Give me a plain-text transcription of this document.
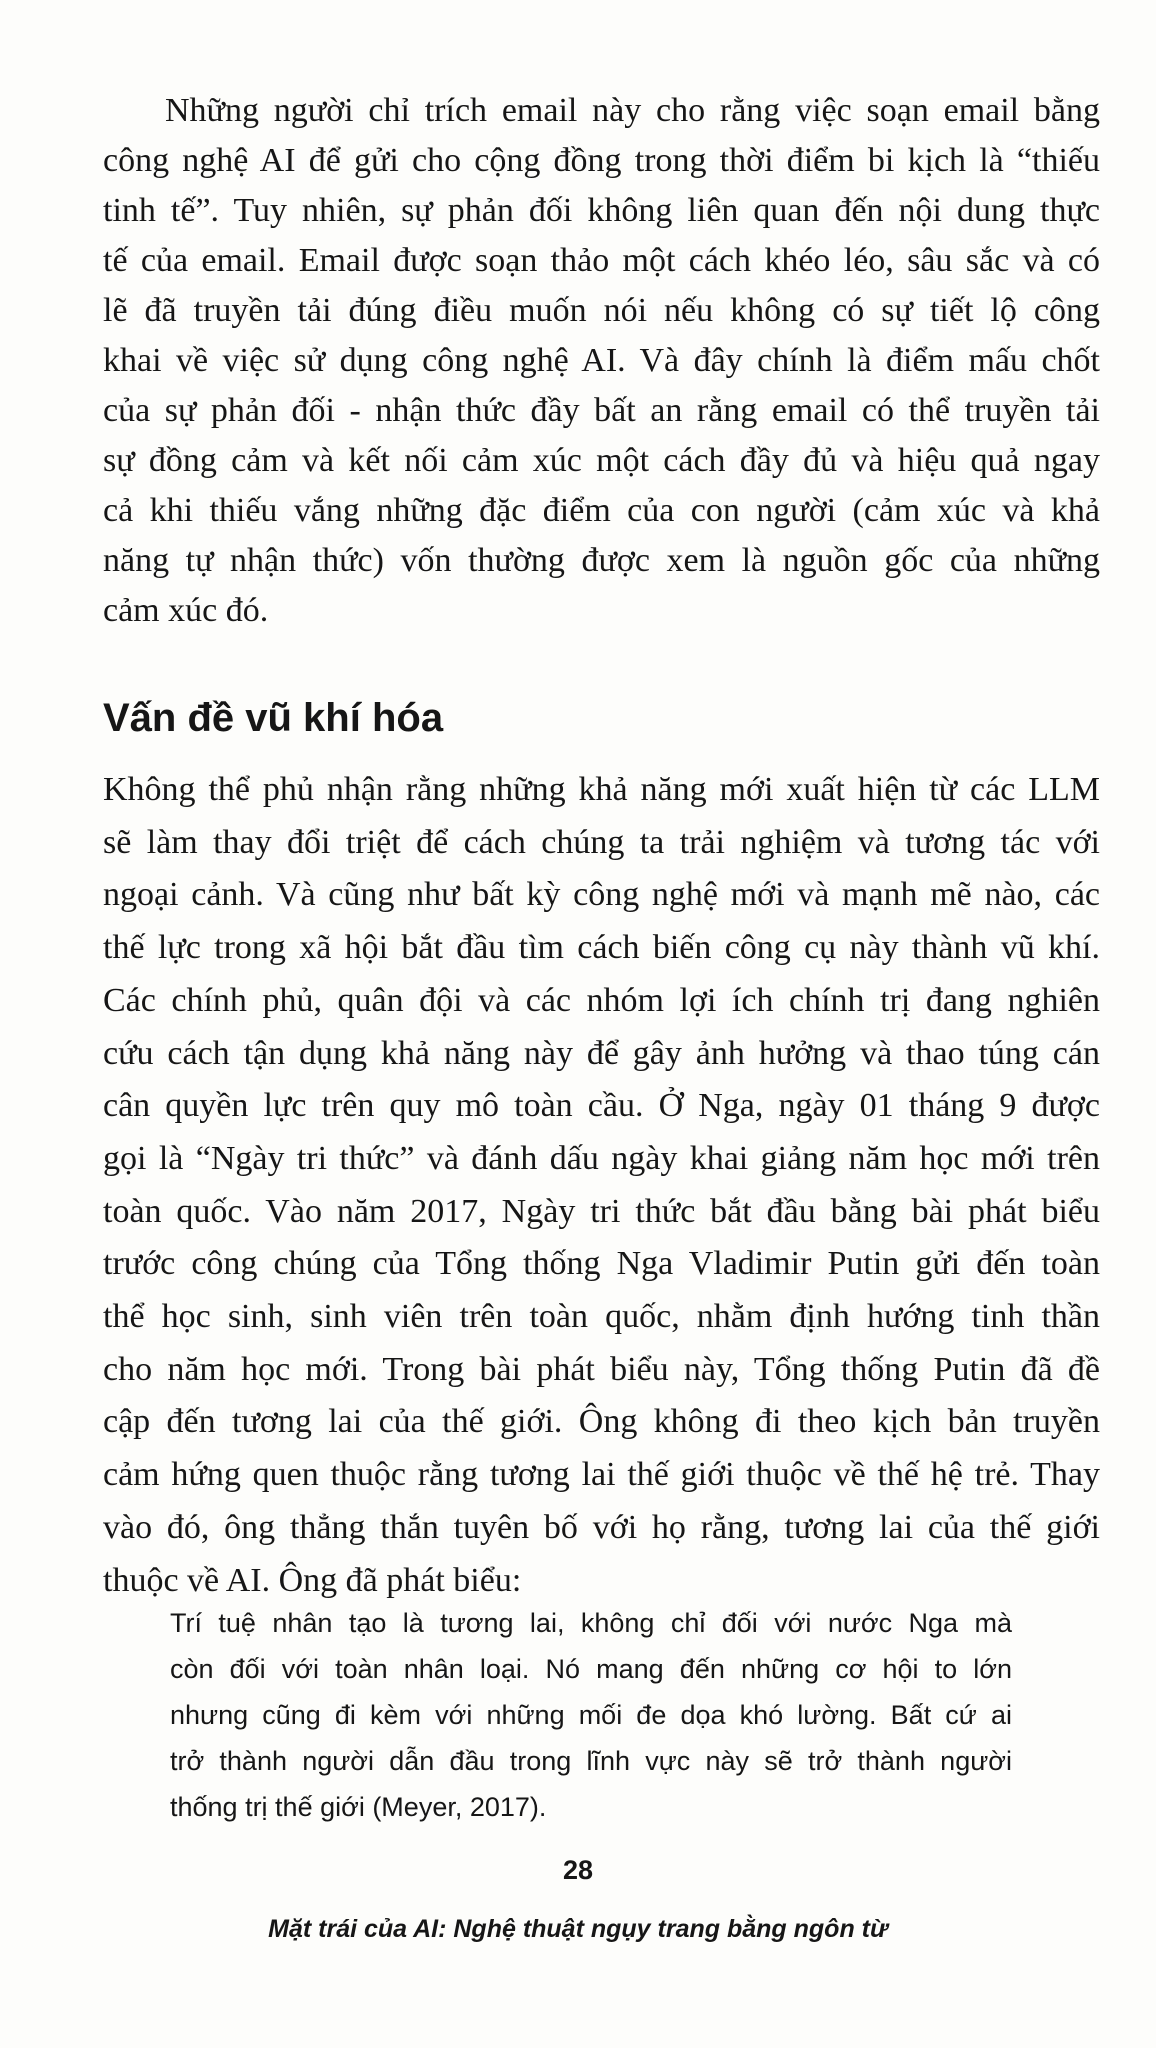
Những người chỉ trích email này cho rằng việc soạn email bằng
công nghệ AI để gửi cho cộng đồng trong thời điểm bi kịch là “thiếu
tinh tế”. Tuy nhiên, sự phản đối không liên quan đến nội dung thực
tế của email. Email được soạn thảo một cách khéo léo, sâu sắc và có
lẽ đã truyền tải đúng điều muốn nói nếu không có sự tiết lộ công
khai về việc sử dụng công nghệ AI. Và đây chính là điểm mấu chốt
của sự phản đối - nhận thức đầy bất an rằng email có thể truyền tải
sự đồng cảm và kết nối cảm xúc một cách đầy đủ và hiệu quả ngay
cả khi thiếu vắng những đặc điểm của con người (cảm xúc và khả
năng tự nhận thức) vốn thường được xem là nguồn gốc của những
cảm xúc đó.
Vấn đề vũ khí hóa
Không thể phủ nhận rằng những khả năng mới xuất hiện từ các LLM
sẽ làm thay đổi triệt để cách chúng ta trải nghiệm và tương tác với
ngoại cảnh. Và cũng như bất kỳ công nghệ mới và mạnh mẽ nào, các
thế lực trong xã hội bắt đầu tìm cách biến công cụ này thành vũ khí.
Các chính phủ, quân đội và các nhóm lợi ích chính trị đang nghiên
cứu cách tận dụng khả năng này để gây ảnh hưởng và thao túng cán
cân quyền lực trên quy mô toàn cầu. Ở Nga, ngày 01 tháng 9 được
gọi là “Ngày tri thức” và đánh dấu ngày khai giảng năm học mới trên
toàn quốc. Vào năm 2017, Ngày tri thức bắt đầu bằng bài phát biểu
trước công chúng của Tổng thống Nga Vladimir Putin gửi đến toàn
thể học sinh, sinh viên trên toàn quốc, nhằm định hướng tinh thần
cho năm học mới. Trong bài phát biểu này, Tổng thống Putin đã đề
cập đến tương lai của thế giới. Ông không đi theo kịch bản truyền
cảm hứng quen thuộc rằng tương lai thế giới thuộc về thế hệ trẻ. Thay
vào đó, ông thẳng thắn tuyên bố với họ rằng, tương lai của thế giới
thuộc về AI. Ông đã phát biểu:
Trí tuệ nhân tạo là tương lai, không chỉ đối với nước Nga mà
còn đối với toàn nhân loại. Nó mang đến những cơ hội to lớn
nhưng cũng đi kèm với những mối đe dọa khó lường. Bất cứ ai
trở thành người dẫn đầu trong lĩnh vực này sẽ trở thành người
thống trị thế giới (Meyer, 2017).
28
Mặt trái của AI: Nghệ thuật ngụy trang bằng ngôn từ
